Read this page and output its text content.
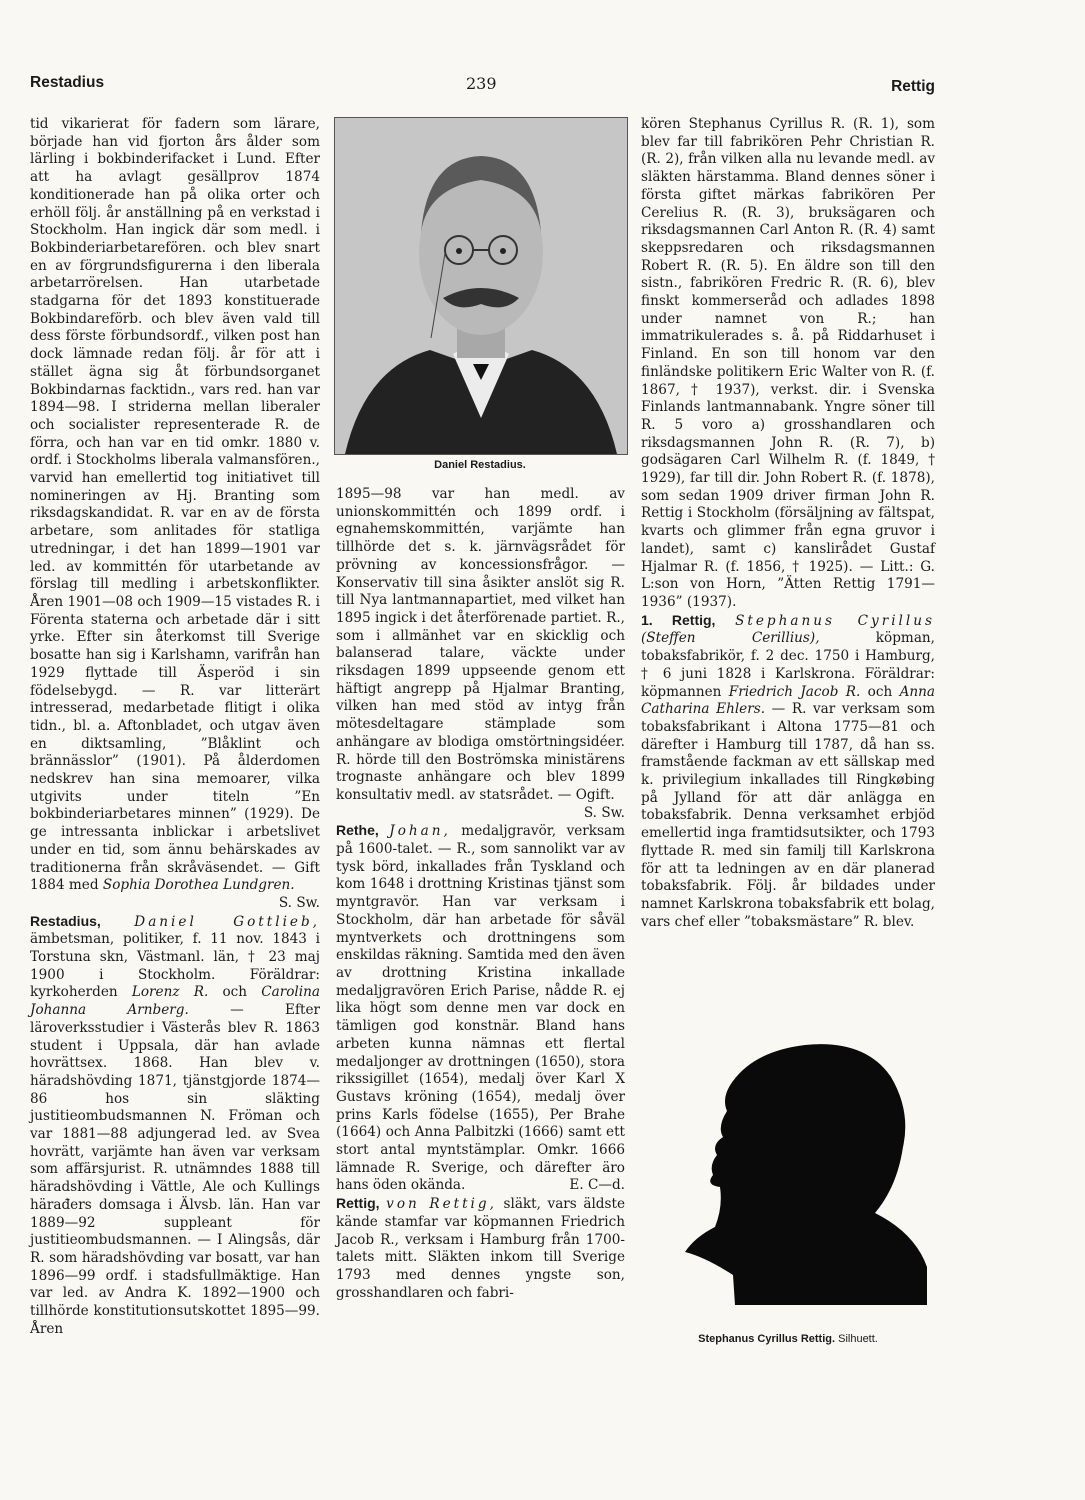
Restadius	239	Rettig

tid vikarierat för fadern som lärare, började han vid fjorton års ålder som lärling i bokbinderifacket i Lund. Efter att ha avlagt gesällprov 1874 konditionerade han på olika orter och erhöll följ. år anställning på en verkstad i Stockholm. Han ingick där som medl. i Bokbinderiarbetarefören. och blev snart en av förgrundsfigurerna i den liberala arbetarrörelsen. Han utarbetade stadgarna för det 1893 konstituerade Bokbindareförb. och blev även vald till dess förste förbundsordf., vilken post han dock lämnade redan följ. år för att i stället ägna sig åt förbundsorganet Bokbindarnas facktidn., vars red. han var 1894—98. I striderna mellan liberaler och socialister representerade R. de förra, och han var en tid omkr. 1880 v. ordf. i Stockholms liberala valmansfören., varvid han emellertid tog initiativet till nomineringen av Hj. Branting som riksdagskandidat. R. var en av de första arbetare, som anlitades för statliga utredningar, i det han 1899—1901 var led. av kommittén för utarbetande av förslag till medling i arbetskonflikter. Åren 1901—08 och 1909—15 vistades R. i Förenta staterna och arbetade där i sitt yrke. Efter sin återkomst till Sverige bosatte han sig i Karlshamn, varifrån han 1929 flyttade till Äsperöd i sin födelsebygd. — R. var litterärt intresserad, medarbetade flitigt i olika tidn., bl. a. Aftonbladet, och utgav även en diktsamling, ”Blåklint och brännässlor” (1901). På ålderdomen nedskrev han sina memoarer, vilka utgivits under titeln ”En bokbinderiarbetares minnen” (1929). De ge intressanta inblickar i arbetslivet under en tid, som ännu behärskades av traditionerna från skråväsendet. — Gift 1884 med Sophia Dorothea Lundgren.
S. Sw.

Restadius, Daniel Gottlieb, ämbetsman, politiker, f. 11 nov. 1843 i Torstuna skn, Västmanl. län, † 23 maj 1900 i Stockholm. Föräldrar: kyrkoherden Lorenz R. och Carolina Johanna Arnberg. — Efter läroverksstudier i Västerås blev R. 1863 student i Uppsala, där han avlade hovrättsex. 1868. Han blev v. häradshövding 1871, tjänstgjorde 1874—86 hos sin släkting justitieombudsmannen N. Fröman och var 1881—88 adjungerad led. av Svea hovrätt, varjämte han även var verksam som affärsjurist. R. utnämndes 1888 till häradshövding i Vättle, Ale och Kullings härađers domsaga i Älvsb. län. Han var 1889—92 suppleant för justitieombudsmannen. — I Alingsås, där R. som häradshövding var bosatt, var han 1896—99 ordf. i stadsfullmäktige. Han var led. av Andra K. 1892—1900 och tillhörde konstitutionsutskottet 1895—99. Åren

Daniel Restadius.

1895—98 var han medl. av unionskommittén och 1899 ordf. i egnahemskommittén, varjämte han tillhörde det s. k. järnvägsrådet för prövning av koncessionsfrågor. — Konservativ till sina åsikter anslöt sig R. till Nya lantmannapartiet, med vilket han 1895 ingick i det återförenade partiet. R., som i allmänhet var en skicklig och balanserad talare, väckte under riksdagen 1899 uppseende genom ett häftigt angrepp på Hjalmar Branting, vilken han med stöd av intyg från mötesdeltagare stämplade som anhängare av blodiga omstörtningsidéer. R. hörde till den Boströmska ministärens trognaste anhängare och blev 1899 konsultativ medl. av statsrådet. — Ogift.
S. Sw.

Rethe, Johan, medaljgravör, verksam på 1600-talet. — R., som sannolikt var av tysk börd, inkallades från Tyskland och kom 1648 i drottning Kristinas tjänst som myntgravör. Han var verksam i Stockholm, där han arbetade för såväl myntverkets och drottningens som enskildas räkning. Samtida med den även av drottning Kristina inkallade medaljgravören Erich Parise, nådde R. ej lika högt som denne men var dock en tämligen god konstnär. Bland hans arbeten kunna nämnas ett flertal medaljonger av drottningen (1650), stora rikssigillet (1654), medalj över Karl X Gustavs kröning (1654), medalj över prins Karls födelse (1655), Per Brahe (1664) och Anna Palbitzki (1666) samt ett stort antal myntstämplar. Omkr. 1666 lämnade R. Sverige, och därefter äro hans öden okända.	E. C—d.

Rettig, von Rettig, släkt, vars äldste kände stamfar var köpmannen Friedrich Jacob R., verksam i Hamburg från 1700-talets mitt. Släkten inkom till Sverige 1793 med dennes yngste son, grosshandlaren och fabri-

kören Stephanus Cyrillus R. (R. 1), som blev far till fabrikören Pehr Christian R. (R. 2), från vilken alla nu levande medl. av släkten härstamma. Bland dennes söner i första giftet märkas fabrikören Per Cerelius R. (R. 3), bruksägaren och riksdagsmannen Carl Anton R. (R. 4) samt skeppsredaren och riksdagsmannen Robert R. (R. 5). En äldre son till den sistn., fabrikören Fredric R. (R. 6), blev finskt kommerseråd och adlades 1898 under namnet von R.; han immatrikulerades s. å. på Riddarhuset i Finland. En son till honom var den finländske politikern Eric Walter von R. (f. 1867, † 1937), verkst. dir. i Svenska Finlands lantmannabank. Yngre söner till R. 5 voro a) grosshandlaren och riksdagsmannen John R. (R. 7), b) godsägaren Carl Wilhelm R. (f. 1849, † 1929), far till dir. John Robert R. (f. 1878), som sedan 1909 driver firman John R. Rettig i Stockholm (försäljning av fältspat, kvarts och glimmer från egna gruvor i landet), samt c) kanslirådet Gustaf Hjalmar R. (f. 1856, † 1925). — Litt.: G. L:son von Horn, ”Ätten Rettig 1791—1936” (1937).

1. Rettig, Stephanus Cyrillus (Steffen Cerillius), köpman, tobaksfabrikör, f. 2 dec. 1750 i Hamburg, † 6 juni 1828 i Karlskrona. Föräldrar: köpmannen Friedrich Jacob R. och Anna Catharina Ehlers. — R. var verksam som tobaksfabrikant i Altona 1775—81 och därefter i Hamburg till 1787, då han ss. framstående fackman av ett sällskap med k. privilegium inkallades till Ringkøbing på Jylland för att där anlägga en tobaksfabrik. Denna verksamhet erbjöd emellertid inga framtidsutsikter, och 1793 flyttade R. med sin familj till Karlskrona för att ta ledningen av en där planerad tobaksfabrik. Följ. år bildades under namnet Karlskrona tobaksfabrik ett bolag, vars chef eller ”tobaksmästare” R. blev.

Stephanus Cyrillus Rettig. Silhuett.
